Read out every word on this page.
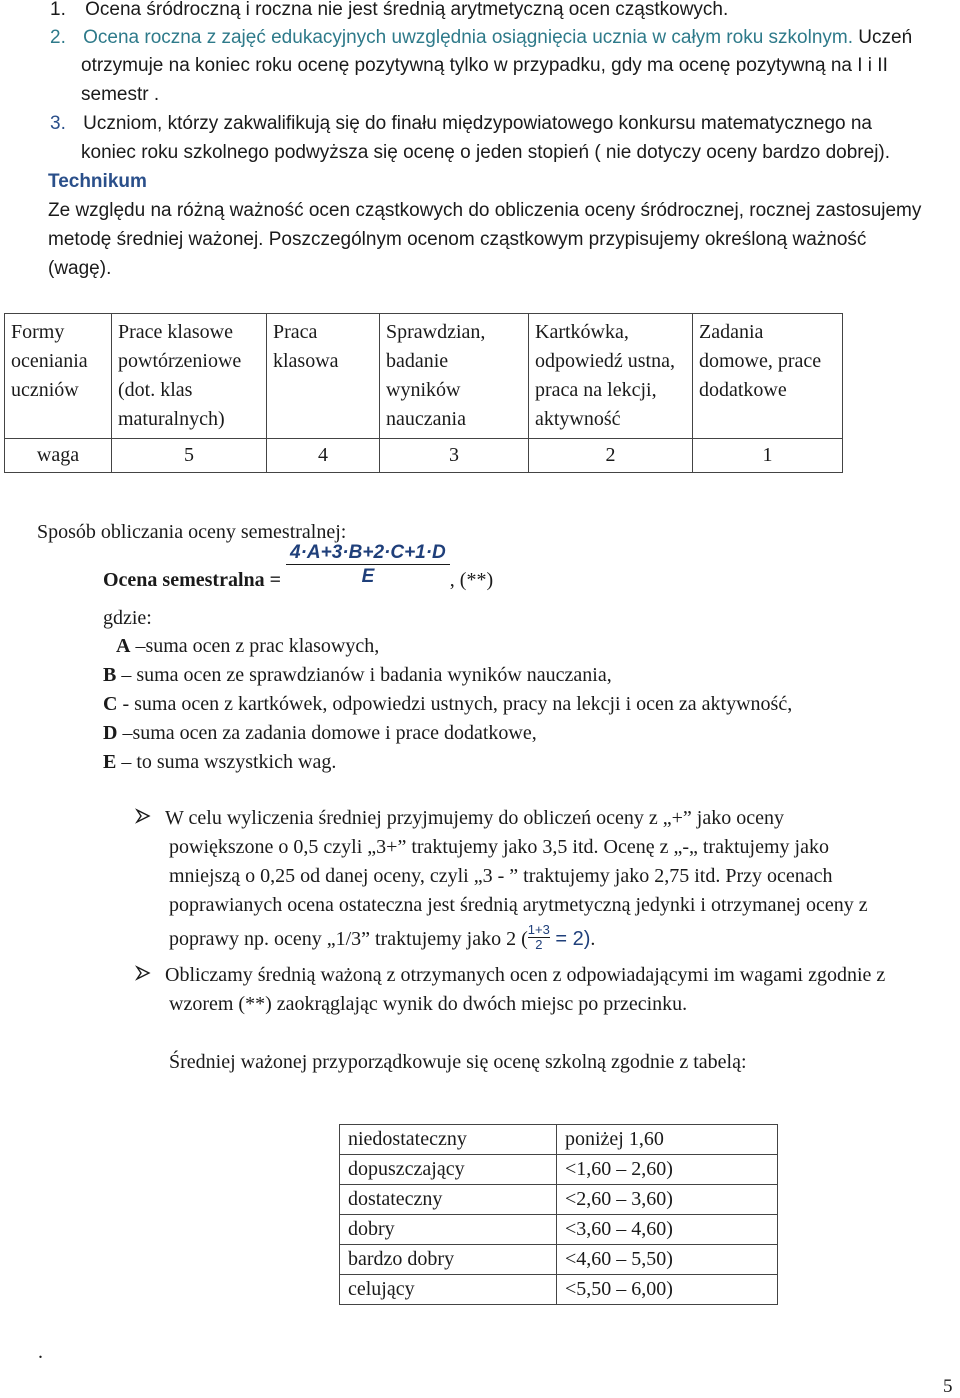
1. Ocena śródroczną i roczna nie jest średnią arytmetyczną ocen cząstkowych.
2. Ocena roczna z zajęć edukacyjnych uwzględnia osiągnięcia ucznia w całym roku szkolnym. Uczeń
otrzymuje na koniec roku ocenę pozytywną tylko w przypadku, gdy ma ocenę pozytywną na I i II
semestr .
3. Uczniom, którzy zakwalifikują się do finału międzypowiatowego konkursu matematycznego na
koniec roku szkolnego podwyższa się ocenę o jeden stopień ( nie dotyczy oceny bardzo dobrej).
Technikum
Ze względu na różną ważność ocen cząstkowych do obliczenia oceny śródrocznej, rocznej zastosujemy
metodę średniej ważonej. Poszczególnym ocenom cząstkowym przypisujemy określoną ważność
(wagę).
Formy oceniania uczniów	Prace klasowe powtórzeniowe (dot. klas maturalnych)	Praca klasowa	Sprawdzian, badanie wyników nauczania	Kartkówka, odpowiedź ustna, praca na lekcji, aktywność	Zadania domowe, prace dodatkowe
waga	5	4	3	2	1
Sposób obliczania oceny semestralnej:
Ocena semestralna = $\frac{4\cdot A+3\cdot B+2\cdot C+1\cdot D}{E}$ , (**)
gdzie:
A –suma ocen z prac klasowych,
B – suma ocen ze sprawdzianów i badania wyników nauczania,
C - suma ocen z kartkówek, odpowiedzi ustnych, pracy na lekcji i ocen za aktywność,
D –suma ocen za zadania domowe i prace dodatkowe,
E – to suma wszystkich wag.
W celu wyliczenia średniej przyjmujemy do obliczeń oceny z „+” jako oceny
powiększone o 0,5 czyli „3+” traktujemy jako 3,5 itd. Ocenę z „-„ traktujemy jako
mniejszą o 0,25 od danej oceny, czyli „3 - ” traktujemy jako 2,75 itd. Przy ocenach
poprawianych ocena ostateczna jest średnią arytmetyczną jedynki i otrzymanej oceny z
poprawy np. oceny „1/3” traktujemy jako 2 ( $\frac{1+3}{2} = 2$).
Obliczamy średnią ważoną z otrzymanych ocen z odpowiadającymi im wagami zgodnie z
wzorem (**) zaokrąglając wynik do dwóch miejsc po przecinku.
Średniej ważonej przyporządkowuje się ocenę szkolną zgodnie z tabelą:
niedostateczny	poniżej 1,60
dopuszczający	<1,60 – 2,60)
dostateczny	<2,60 – 3,60)
dobry	<3,60 – 4,60)
bardzo dobry	<4,60 – 5,50)
celujący	<5,50 – 6,00)
.
5
